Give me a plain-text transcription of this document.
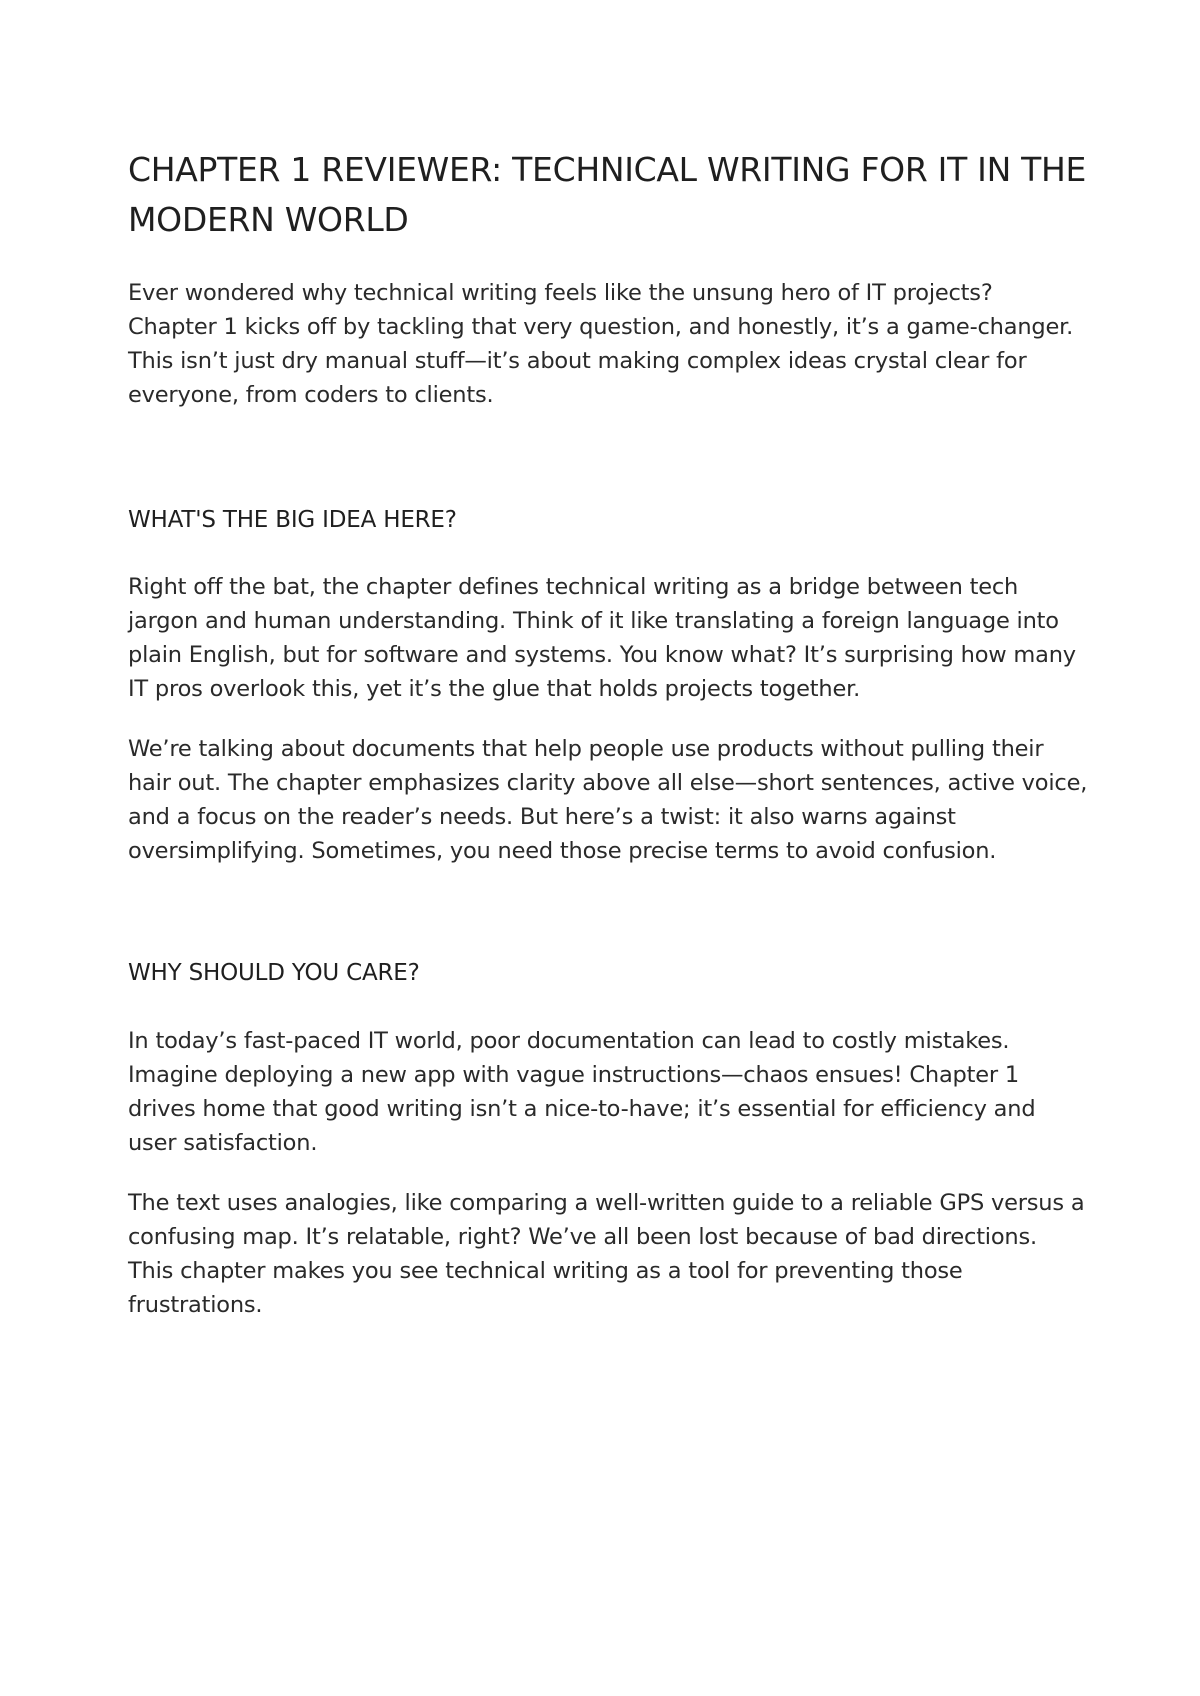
CHAPTER 1 REVIEWER: TECHNICAL WRITING FOR IT IN THE MODERN WORLD

Ever wondered why technical writing feels like the unsung hero of IT projects? Chapter 1 kicks off by tackling that very question, and honestly, it’s a game-changer. This isn’t just dry manual stuff—it’s about making complex ideas crystal clear for everyone, from coders to clients.

WHAT'S THE BIG IDEA HERE?

Right off the bat, the chapter defines technical writing as a bridge between tech jargon and human understanding. Think of it like translating a foreign language into plain English, but for software and systems. You know what? It’s surprising how many IT pros overlook this, yet it’s the glue that holds projects together.

We’re talking about documents that help people use products without pulling their hair out. The chapter emphasizes clarity above all else—short sentences, active voice, and a focus on the reader’s needs. But here’s a twist: it also warns against oversimplifying. Sometimes, you need those precise terms to avoid confusion.

WHY SHOULD YOU CARE?

In today’s fast-paced IT world, poor documentation can lead to costly mistakes. Imagine deploying a new app with vague instructions—chaos ensues! Chapter 1 drives home that good writing isn’t a nice-to-have; it’s essential for efficiency and user satisfaction.

The text uses analogies, like comparing a well-written guide to a reliable GPS versus a confusing map. It’s relatable, right? We’ve all been lost because of bad directions. This chapter makes you see technical writing as a tool for preventing those frustrations.
